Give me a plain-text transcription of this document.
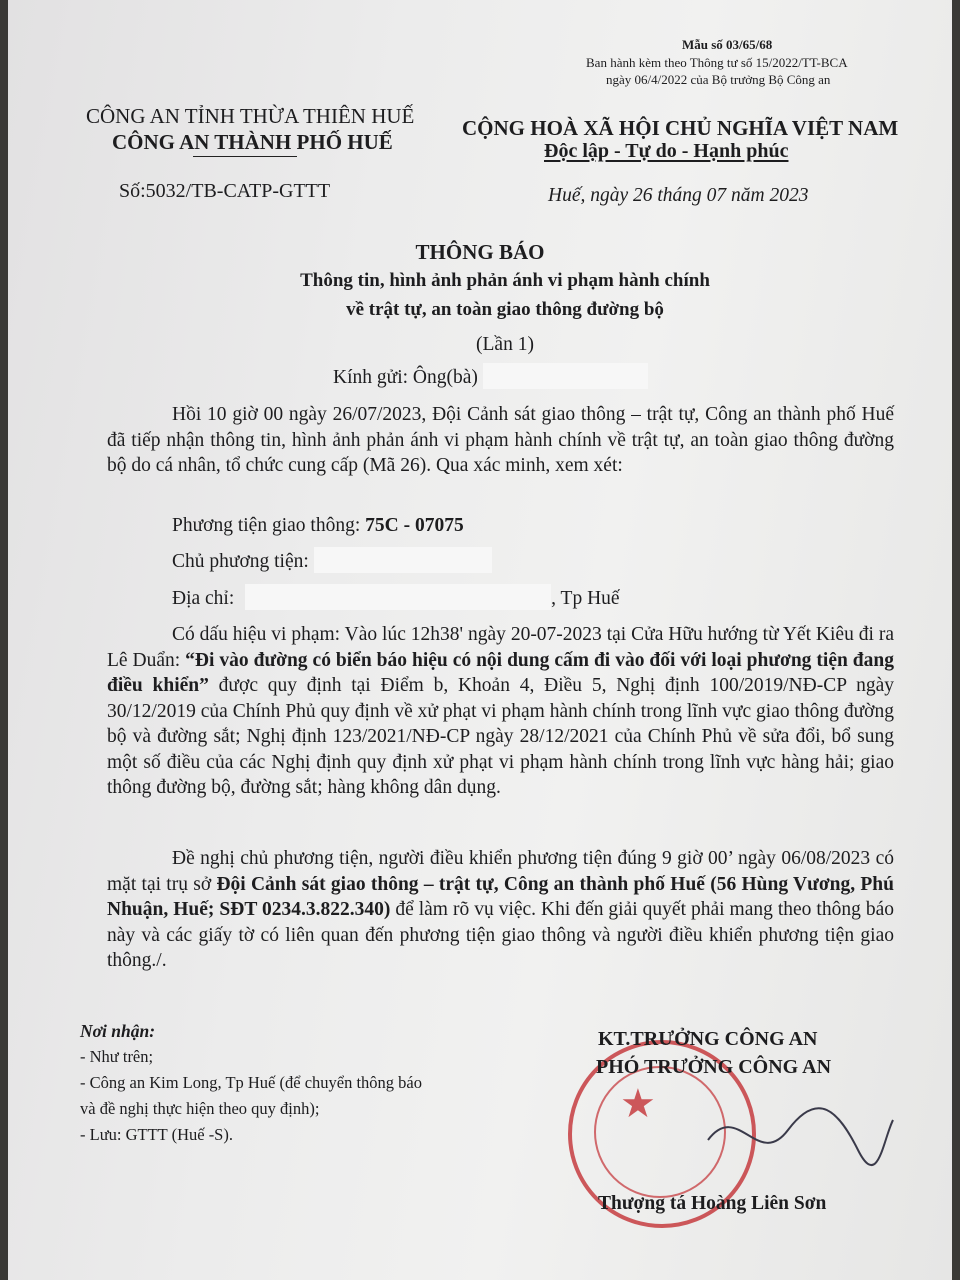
Mẫu số 03/65/68
Ban hành kèm theo Thông tư số 15/2022/TT-BCA
ngày 06/4/2022 của Bộ trưởng Bộ Công an
CÔNG AN TỈNH THỪA THIÊN HUẾ
CÔNG AN THÀNH PHỐ HUẾ
Số:5032/TB-CATP-GTTT
CỘNG HOÀ XÃ HỘI CHỦ NGHĨA VIỆT NAM
Độc lập - Tự do - Hạnh phúc
Huế, ngày 26 tháng 07 năm 2023
THÔNG BÁO
Thông tin, hình ảnh phản ánh vi phạm hành chính
về trật tự, an toàn giao thông đường bộ
(Lần 1)
Kính gửi: Ông(bà)
Hồi 10 giờ 00 ngày 26/07/2023, Đội Cảnh sát giao thông – trật tự, Công an thành phố Huế đã tiếp nhận thông tin, hình ảnh phản ánh vi phạm hành chính về trật tự, an toàn giao thông đường bộ do cá nhân, tổ chức cung cấp (Mã 26). Qua xác minh, xem xét:
Phương tiện giao thông: 75C - 07075
Chủ phương tiện:
Địa chỉ:	, Tp Huế
Có dấu hiệu vi phạm: Vào lúc 12h38' ngày 20-07-2023 tại Cửa Hữu hướng từ Yết Kiêu đi ra Lê Duẩn: “Đi vào đường có biển báo hiệu có nội dung cấm đi vào đối với loại phương tiện đang điều khiển” được quy định tại Điểm b, Khoản 4, Điều 5, Nghị định 100/2019/NĐ-CP ngày 30/12/2019 của Chính Phủ quy định về xử phạt vi phạm hành chính trong lĩnh vực giao thông đường bộ và đường sắt; Nghị định 123/2021/NĐ-CP ngày 28/12/2021 của Chính Phủ về sửa đổi, bổ sung một số điều của các Nghị định quy định xử phạt vi phạm hành chính trong lĩnh vực hàng hải; giao thông đường bộ, đường sắt; hàng không dân dụng.
Đề nghị chủ phương tiện, người điều khiển phương tiện đúng 9 giờ 00’ ngày 06/08/2023 có mặt tại trụ sở Đội Cảnh sát giao thông – trật tự, Công an thành phố Huế (56 Hùng Vương, Phú Nhuận, Huế; SĐT 0234.3.822.340) để làm rõ vụ việc. Khi đến giải quyết phải mang theo thông báo này và các giấy tờ có liên quan đến phương tiện giao thông và người điều khiển phương tiện giao thông./.
Nơi nhận:
- Như trên;
- Công an Kim Long, Tp Huế (để chuyển thông báo
và đề nghị thực hiện theo quy định);
- Lưu: GTTT (Huế -S).
★
KT.TRƯỞNG CÔNG AN
PHÓ TRƯỞNG CÔNG AN
Thượng tá Hoàng Liên Sơn
